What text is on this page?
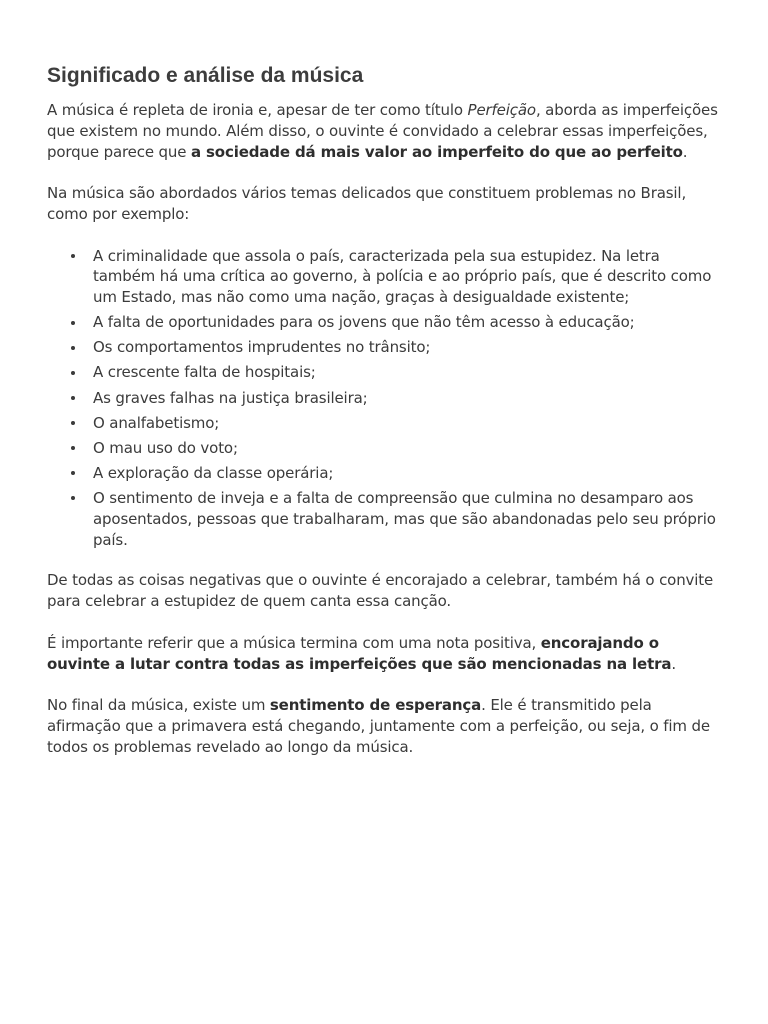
Significado e análise da música

A música é repleta de ironia e, apesar de ter como título Perfeição, aborda as imperfeições que existem no mundo. Além disso, o ouvinte é convidado a celebrar essas imperfeições, porque parece que a sociedade dá mais valor ao imperfeito do que ao perfeito.

Na música são abordados vários temas delicados que constituem problemas no Brasil, como por exemplo:

A criminalidade que assola o país, caracterizada pela sua estupidez. Na letra também há uma crítica ao governo, à polícia e ao próprio país, que é descrito como um Estado, mas não como uma nação, graças à desigualdade existente;
A falta de oportunidades para os jovens que não têm acesso à educação;
Os comportamentos imprudentes no trânsito;
A crescente falta de hospitais;
As graves falhas na justiça brasileira;
O analfabetismo;
O mau uso do voto;
A exploração da classe operária;
O sentimento de inveja e a falta de compreensão que culmina no desamparo aos aposentados, pessoas que trabalharam, mas que são abandonadas pelo seu próprio país.

De todas as coisas negativas que o ouvinte é encorajado a celebrar, também há o convite para celebrar a estupidez de quem canta essa canção.

É importante referir que a música termina com uma nota positiva, encorajando o ouvinte a lutar contra todas as imperfeições que são mencionadas na letra.

No final da música, existe um sentimento de esperança. Ele é transmitido pela afirmação que a primavera está chegando, juntamente com a perfeição, ou seja, o fim de todos os problemas revelado ao longo da música.
